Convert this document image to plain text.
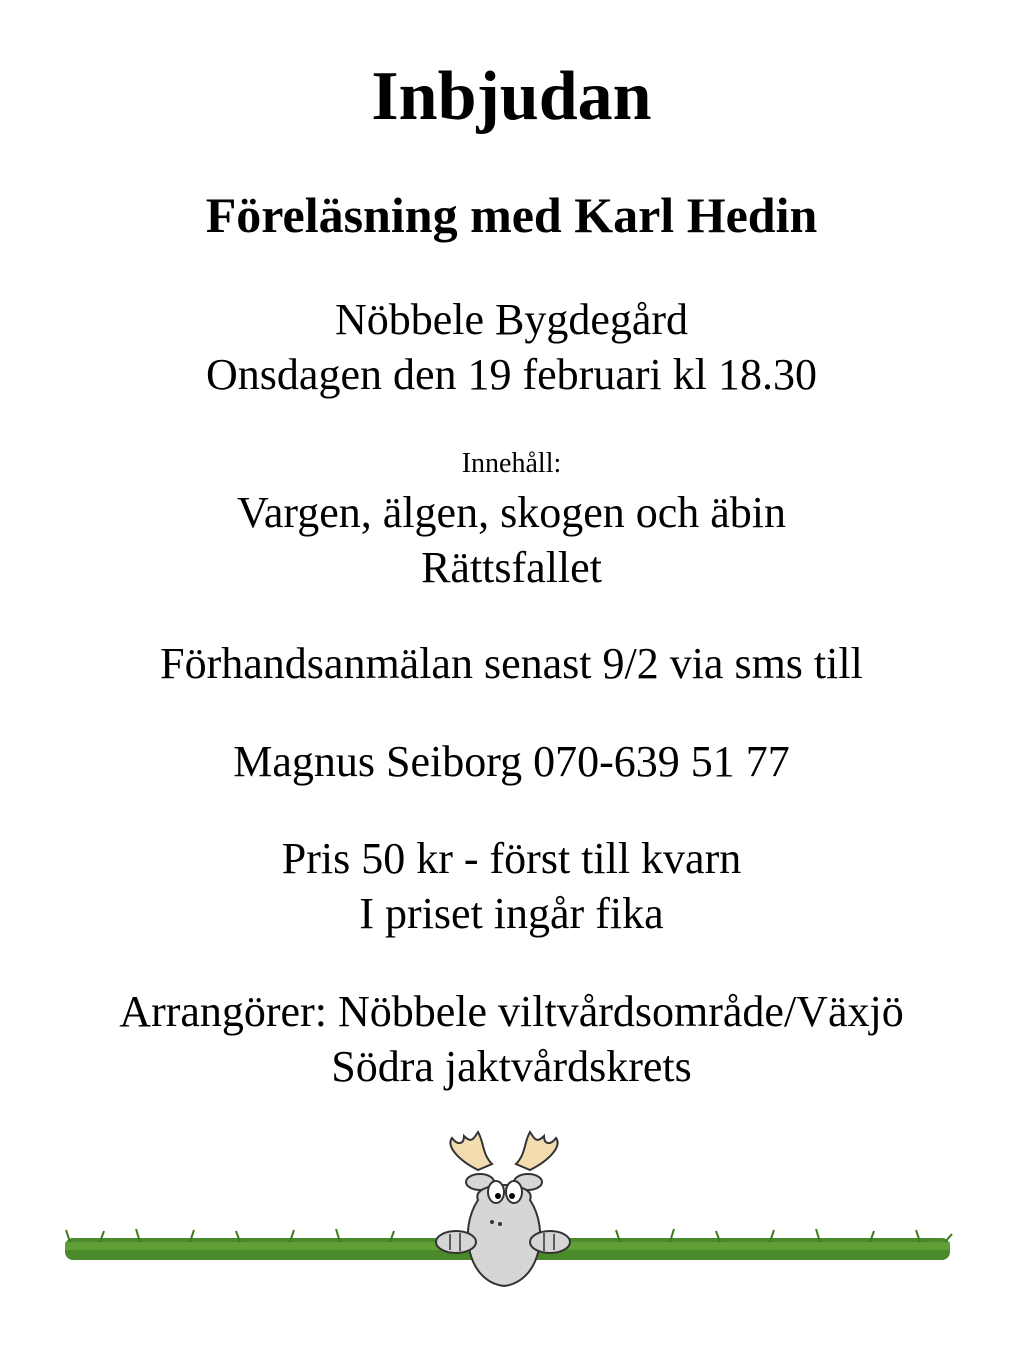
Inbjudan
Föreläsning med Karl Hedin
Nöbbele Bygdegård
Onsdagen den 19 februari kl 18.30
Innehåll:
Vargen, älgen, skogen och äbin
Rättsfallet
Förhandsanmälan senast 9/2 via sms till
Magnus Seiborg 070-639 51 77
Pris 50 kr - först till kvarn
I priset ingår fika
Arrangörer: Nöbbele viltvårdsområde/Växjö
Södra jaktvårdskrets
